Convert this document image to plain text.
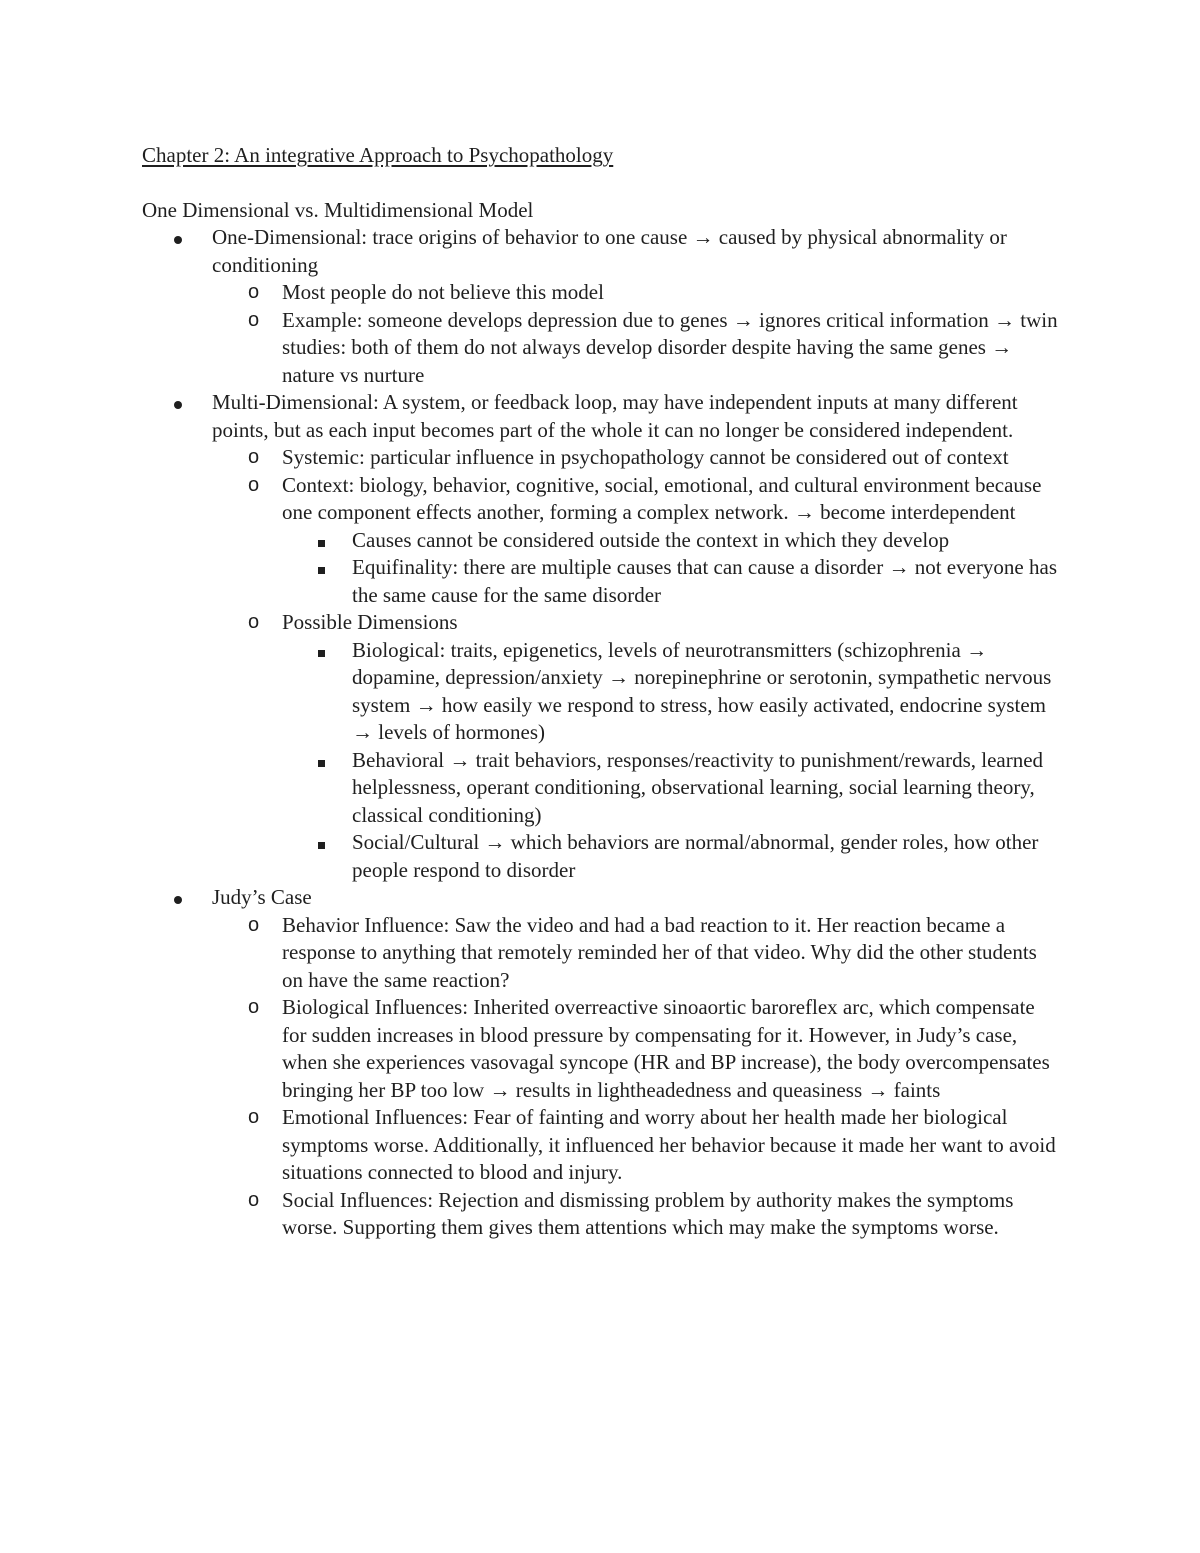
Chapter 2: An integrative Approach to Psychopathology
One Dimensional vs. Multidimensional Model
One-Dimensional: trace origins of behavior to one cause → caused by physical abnormality or conditioning
o Most people do not believe this model
o Example: someone develops depression due to genes → ignores critical information → twin studies: both of them do not always develop disorder despite having the same genes → nature vs nurture
Multi-Dimensional: A system, or feedback loop, may have independent inputs at many different points, but as each input becomes part of the whole it can no longer be considered independent.
o Systemic: particular influence in psychopathology cannot be considered out of context
o Context: biology, behavior, cognitive, social, emotional, and cultural environment because one component effects another, forming a complex network. → become interdependent
Causes cannot be considered outside the context in which they develop
Equifinality: there are multiple causes that can cause a disorder → not everyone has the same cause for the same disorder
o Possible Dimensions
Biological: traits, epigenetics, levels of neurotransmitters (schizophrenia → dopamine, depression/anxiety → norepinephrine or serotonin, sympathetic nervous system → how easily we respond to stress, how easily activated, endocrine system → levels of hormones)
Behavioral → trait behaviors, responses/reactivity to punishment/rewards, learned helplessness, operant conditioning, observational learning, social learning theory, classical conditioning)
Social/Cultural → which behaviors are normal/abnormal, gender roles, how other people respond to disorder
Judy’s Case
o Behavior Influence: Saw the video and had a bad reaction to it. Her reaction became a response to anything that remotely reminded her of that video. Why did the other students on have the same reaction?
o Biological Influences: Inherited overreactive sinoaortic baroreflex arc, which compensate for sudden increases in blood pressure by compensating for it. However, in Judy’s case, when she experiences vasovagal syncope (HR and BP increase), the body overcompensates bringing her BP too low → results in lightheadedness and queasiness → faints
o Emotional Influences: Fear of fainting and worry about her health made her biological symptoms worse. Additionally, it influenced her behavior because it made her want to avoid situations connected to blood and injury.
o Social Influences: Rejection and dismissing problem by authority makes the symptoms worse. Supporting them gives them attentions which may make the symptoms worse.
